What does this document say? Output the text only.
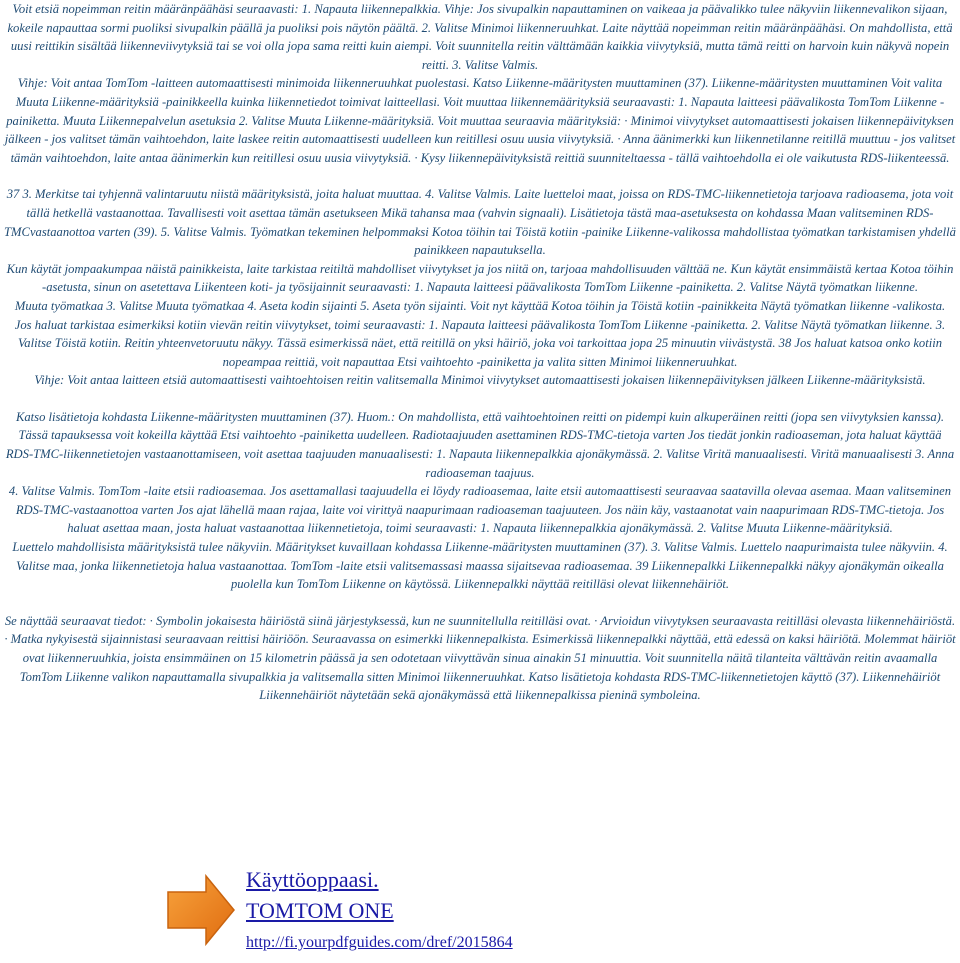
Voit etsiä nopeimman reitin määränpäähäsi seuraavasti: 1. Napauta liikennepalkkia. Vihje: Jos sivupalkin napauttaminen on vaikeaa ja päävalikko tulee näkyviin liikennevalikon sijaan, kokeile napauttaa sormi puoliksi sivupalkin päällä ja puoliksi pois näytön päältä. 2. Valitse Minimoi liikenneruuhkat. Laite näyttää nopeimman reitin määränpäähäsi. On mahdollista, että uusi reittikin sisältää liikenneviivytyksiä tai se voi olla jopa sama reitti kuin aiempi. Voit suunnitella reitin välttämään kaikkia viivytyksiä, mutta tämä reitti on harvoin kuin näkyvä nopein reitti. 3. Valitse Valmis.

Vihje: Voit antaa TomTom -laitteen automaattisesti minimoida liikenneruuhkat puolestasi. Katso Liikenne-määritysten muuttaminen (37). Liikenne-määritysten muuttaminen Voit valita Muuta Liikenne-määrityksiä -painikkeella kuinka liikennetiedot toimivat laitteellasi. Voit muuttaa liikennemäärityksiä seuraavasti: 1. Napauta laitteesi päävalikosta TomTom Liikenne -painiketta. Muuta Liikennepalvelun asetuksia 2. Valitse Muuta Liikenne-määrityksiä. Voit muuttaa seuraavia määrityksiä: · Minimoi viivytykset automaattisesti jokaisen liikennepäivityksen jälkeen - jos valitset tämän vaihtoehdon, laite laskee reitin automaattisesti uudelleen kun reitillesi osuu uusia viivytyksiä. · Anna äänimerkki kun liikennetilanne reitillä muuttuu - jos valitset tämän vaihtoehdon, laite antaa äänimerkin kun reitillesi osuu uusia viivytyksiä. · Kysy liikennepäivityksistä reittiä suunniteltaessa - tällä vaihtoehdolla ei ole vaikutusta RDS-liikenteessä.

37 3. Merkitse tai tyhjennä valintaruutu niistä määrityksistä, joita haluat muuttaa. 4. Valitse Valmis. Laite luetteloi maat, joissa on RDS-TMC-liikennetietoja tarjoava radioasema, jota voit tällä hetkellä vastaanottaa. Tavallisesti voit asettaa tämän asetukseen Mikä tahansa maa (vahvin signaali). Lisätietoja tästä maa-asetuksesta on kohdassa Maan valitseminen RDS-TMCvastaanottoa varten (39). 5. Valitse Valmis. Työmatkan tekeminen helpommaksi Kotoa töihin tai Töistä kotiin -painike Liikenne-valikossa mahdollistaa työmatkan tarkistamisen yhdellä painikkeen napautuksella.

Kun käytät jompaakumpaa näistä painikkeista, laite tarkistaa reitiltä mahdolliset viivytykset ja jos niitä on, tarjoaa mahdollisuuden välttää ne. Kun käytät ensimmäistä kertaa Kotoa töihin -asetusta, sinun on asetettava Liikenteen koti- ja työsijainnit seuraavasti: 1. Napauta laitteesi päävalikosta TomTom Liikenne -painiketta. 2. Valitse Näytä työmatkan liikenne.

Muuta työmatkaa 3. Valitse Muuta työmatkaa 4. Aseta kodin sijainti 5. Aseta työn sijainti. Voit nyt käyttää Kotoa töihin ja Töistä kotiin -painikkeita Näytä työmatkan liikenne -valikosta.

Jos haluat tarkistaa esimerkiksi kotiin vievän reitin viivytykset, toimi seuraavasti: 1. Napauta laitteesi päävalikosta TomTom Liikenne -painiketta. 2. Valitse Näytä työmatkan liikenne. 3. Valitse Töistä kotiin. Reitin yhteenvetoruutu näkyy. Tässä esimerkissä näet, että reitillä on yksi häiriö, joka voi tarkoittaa jopa 25 minuutin viivästystä. 38 Jos haluat katsoa onko kotiin nopeampaa reittiä, voit napauttaa Etsi vaihtoehto -painiketta ja valita sitten Minimoi liikenneruuhkat.

Vihje: Voit antaa laitteen etsiä automaattisesti vaihtoehtoisen reitin valitsemalla Minimoi viivytykset automaattisesti jokaisen liikennepäivityksen jälkeen Liikenne-määrityksistä.

Katso lisätietoja kohdasta Liikenne-määritysten muuttaminen (37). Huom.: On mahdollista, että vaihtoehtoinen reitti on pidempi kuin alkuperäinen reitti (jopa sen viivytyksien kanssa). Tässä tapauksessa voit kokeilla käyttää Etsi vaihtoehto -painiketta uudelleen. Radiotaajuuden asettaminen RDS-TMC-tietoja varten Jos tiedät jonkin radioaseman, jota haluat käyttää RDS-TMC-liikennetietojen vastaanottamiseen, voit asettaa taajuuden manuaalisesti: 1. Napauta liikennepalkkia ajonäkymässä. 2. Valitse Viritä manuaalisesti. Viritä manuaalisesti 3. Anna radioaseman taajuus.

4. Valitse Valmis. TomTom -laite etsii radioasemaa. Jos asettamallasi taajuudella ei löydy radioasemaa, laite etsii automaattisesti seuraavaa saatavilla olevaa asemaa. Maan valitseminen RDS-TMC-vastaanottoa varten Jos ajat lähellä maan rajaa, laite voi virittyä naapurimaan radioaseman taajuuteen. Jos näin käy, vastaanotat vain naapurimaan RDS-TMC-tietoja. Jos haluat asettaa maan, josta haluat vastaanottaa liikennetietoja, toimi seuraavasti: 1. Napauta liikennepalkkia ajonäkymässä. 2. Valitse Muuta Liikenne-määrityksiä.

Luettelo mahdollisista määrityksistä tulee näkyviin. Määritykset kuvaillaan kohdassa Liikenne-määritysten muuttaminen (37). 3. Valitse Valmis. Luettelo naapurimaista tulee näkyviin. 4. Valitse maa, jonka liikennetietoja halua vastaanottaa. TomTom -laite etsii valitsemassasi maassa sijaitsevaa radioasemaa. 39 Liikennepalkki Liikennepalkki näkyy ajonäkymän oikealla puolella kun TomTom Liikenne on käytössä. Liikennepalkki näyttää reitilläsi olevat liikennehäiriöt.

Se näyttää seuraavat tiedot: · Symbolin jokaisesta häiriöstä siinä järjestyksessä, kun ne suunnitellulla reitilläsi ovat. · Arvioidun viivytyksen seuraavasta reitilläsi olevasta liikennehäiriöstä. · Matka nykyisestä sijainnistasi seuraavaan reittisi häiriöön. Seuraavassa on esimerkki liikennepalkista. Esimerkissä liikennepalkki näyttää, että edessä on kaksi häiriötä. Molemmat häiriöt ovat liikenneruuhkia, joista ensimmäinen on 15 kilometrin päässä ja sen odotetaan viivyttävän sinua ainakin 51 minuuttia. Voit suunnitella näitä tilanteita välttävän reitin avaamalla TomTom Liikenne valikon napauttamalla sivupalkkia ja valitsemalla sitten Minimoi liikenneruuhkat. Katso lisätietoja kohdasta RDS-TMC-liikennetietojen käyttö (37). Liikennehäiriöt Liikennehäiriöt näytetään sekä ajonäkymässä että liikennepalkissa pieninä symboleina.

Käyttöoppaasi.
TOMTOM ONE
http://fi.yourpdfguides.com/dref/2015864
